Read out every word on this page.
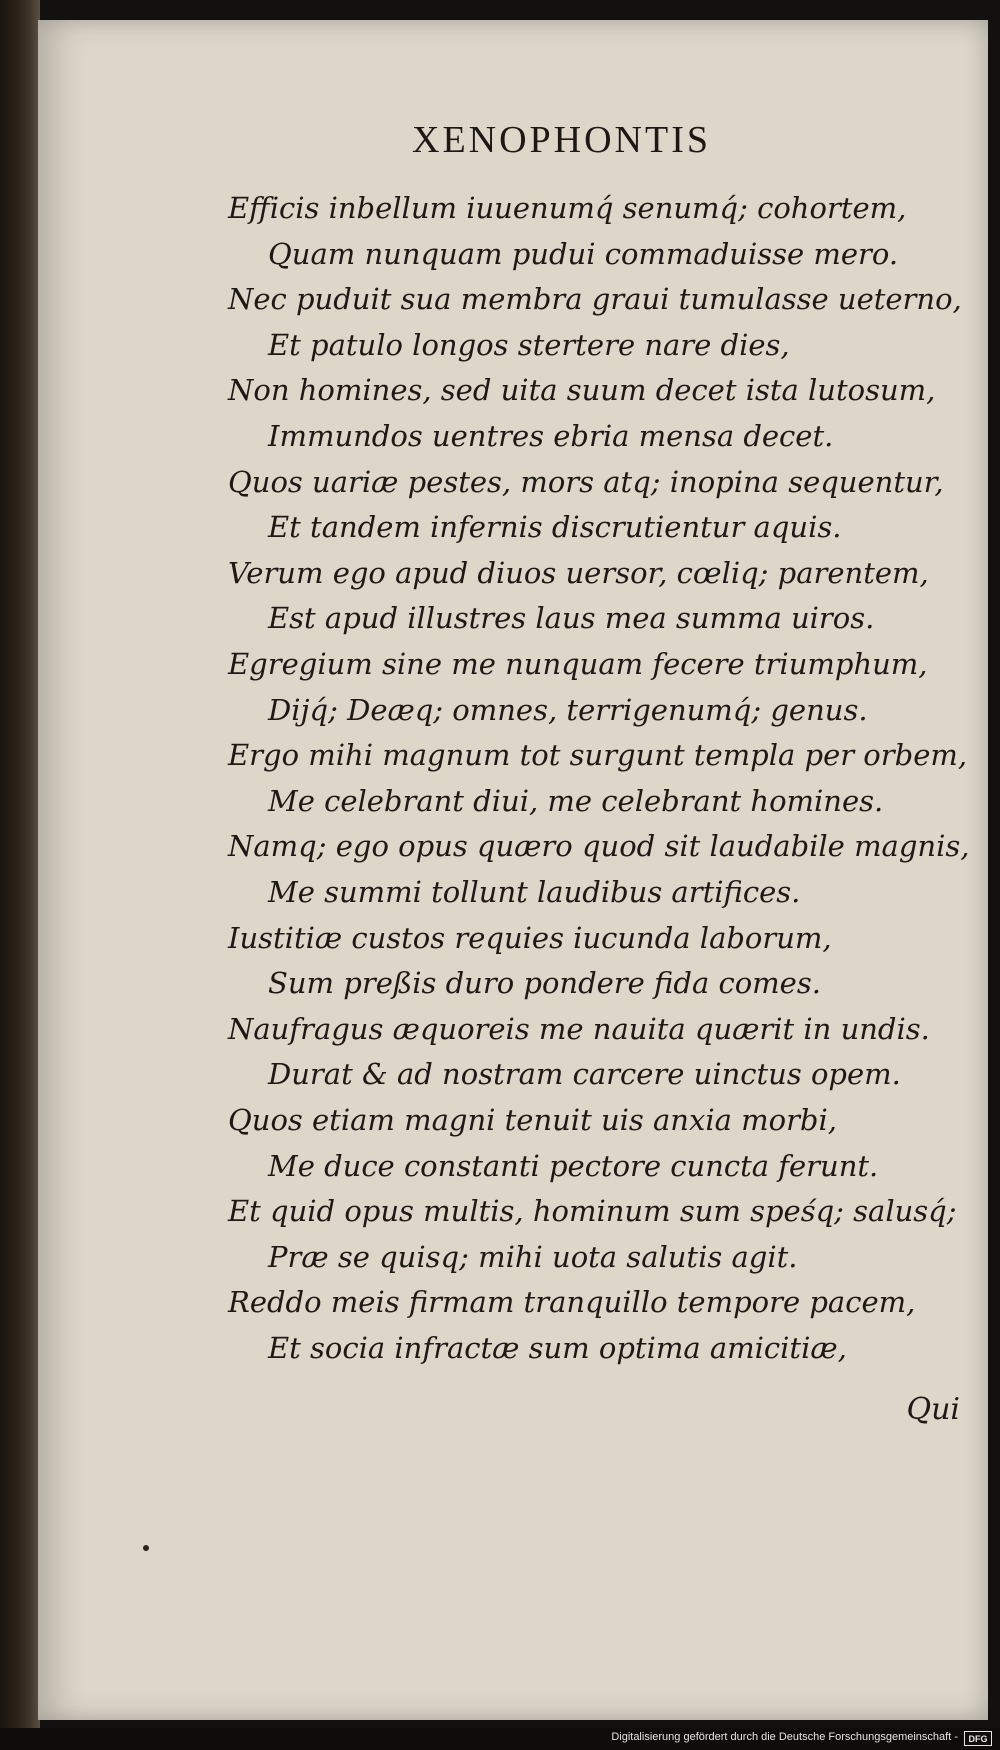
XENOPHONTIS
Efficis inbellum iuuenumq́ senumq́; cohortem,
Quam nunquam pudui commaduisse mero.
Nec puduit sua membra graui tumulasse ueterno,
Et patulo longos stertere nare dies,
Non homines, sed uita suum decet ista lutosum,
Immundos uentres ebria mensa decet.
Quos uariæ pestes, mors atq; inopina sequentur,
Et tandem infernis discrutientur aquis.
Verum ego apud diuos uersor, cœliq; parentem,
Est apud illustres laus mea summa uiros.
Egregium sine me nunquam fecere triumphum,
Dijq́; Deæq; omnes, terrigenumq́; genus.
Ergo mihi magnum tot surgunt templa per orbem,
Me celebrant diui, me celebrant homines.
Namq; ego opus quæro quod sit laudabile magnis,
Me summi tollunt laudibus artifices.
Iustitiæ custos requies iucunda laborum,
Sum preßis duro pondere fida comes.
Naufragus æquoreis me nauita quærit in undis.
Durat & ad nostram carcere uinctus opem.
Quos etiam magni tenuit uis anxia morbi,
Me duce constanti pectore cuncta ferunt.
Et quid opus multis, hominum sum speśq; salusq́;
Præ se quisq; mihi uota salutis agit.
Reddo meis firmam tranquillo tempore pacem,
Et socia infractæ sum optima amicitiæ,
Qui
Digitalisierung gefördert durch die Deutsche Forschungsgemeinschaft -	DFG
